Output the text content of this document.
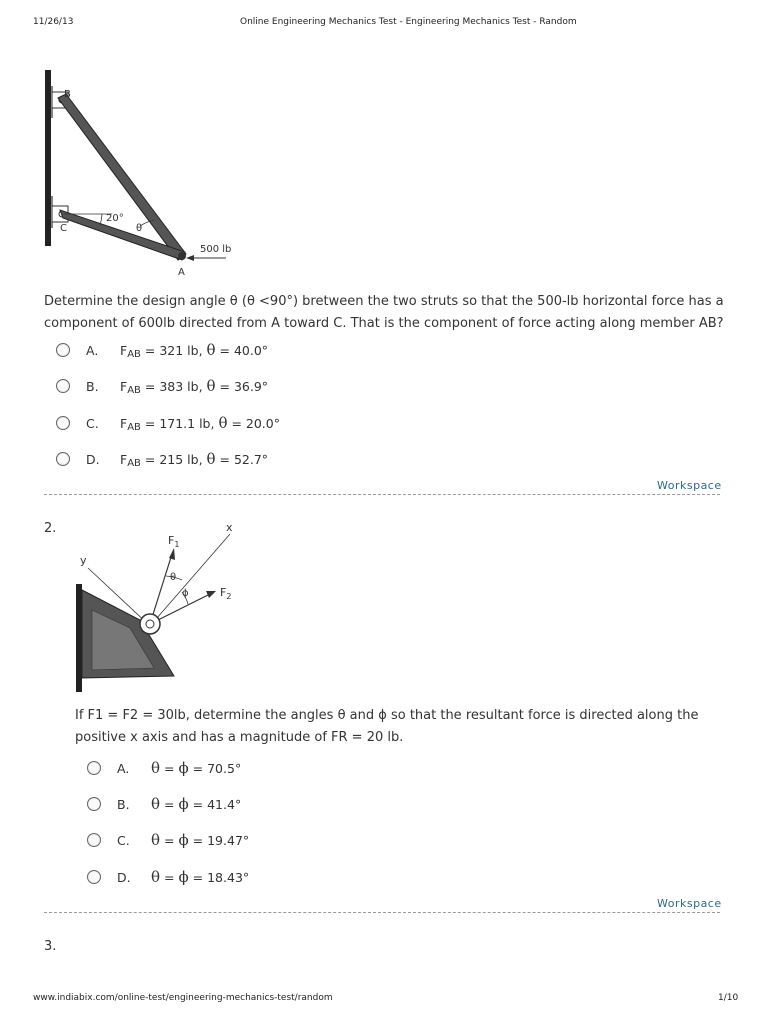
11/26/13	Online Engineering Mechanics Test - Engineering Mechanics Test - Random
B
C
20°
θ
A
500 lb
Determine the design angle θ (θ <90°) bretween the two struts so that the 500-lb horizontal force has a
component of 600lb directed from A toward C. That is the component of force acting along member AB?
A.	$F_{AB} = 321$ lb, θ = 40.0°
B.	$F_{AB} = 383$ lb, θ = 36.9°
C.	$F_{AB} = 171.1$ lb, θ = 20.0°
D.	$F_{AB} = 215$ lb, θ = 52.7°
Workspace
2.	x
y
$F_1$
$F_2$
θ
ϕ
If F1 = F2 = 30lb, determine the angles θ and ϕ so that the resultant force is directed along the
positive x axis and has a magnitude of FR = 20 lb.
A.	θ = ϕ = 70.5°
B.	θ = ϕ = 41.4°
C.	θ = ϕ = 19.47°
D.	θ = ϕ = 18.43°
Workspace
3.
www.indiabix.com/online-test/engineering-mechanics-test/random	1/10
